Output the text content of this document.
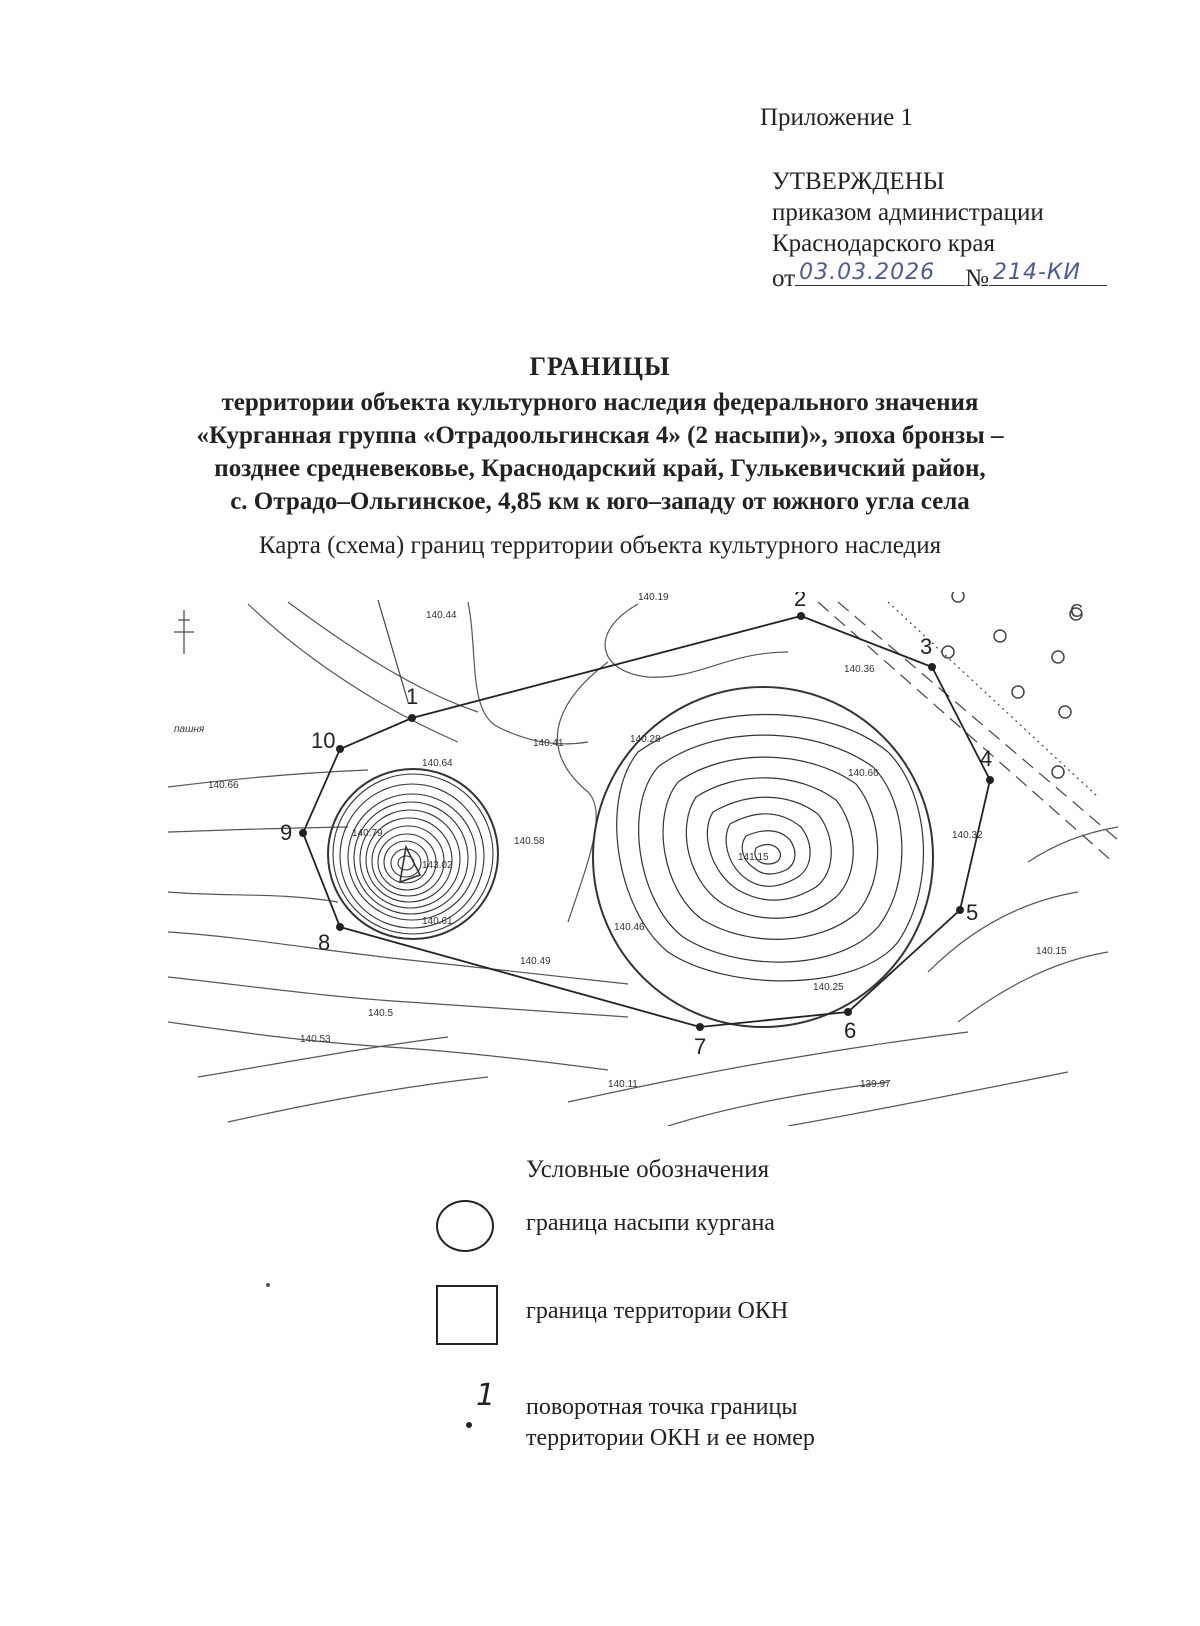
Приложение 1
УТВЕРЖДЕНЫ
приказом администрации
Краснодарского края
от 03.03.2026 № 214-КИ
ГРАНИЦЫ
территории объекта культурного наследия федерального значения
«Курганная группа «Отрадоольгинская 4» (2 насыпи)», эпоха бронзы –
позднее средневековье, Краснодарский край, Гулькевичский район,
с. Отрадо–Ольгинское, 4,85 км к юго–западу от южного угла села
Карта (схема) границ территории объекта культурного наследия
1
2
3
4
5
6
7
8
9
10
140.44
140.19
140.36
140.66
140.41	140.28
140.64
140.79
140.58
143.02
141.15
140.66
140.32
140.61
140.46
140.49
140.5
140.53
140.25
140.15
140.11	139.97
пашня
С
Условные обозначения
граница насыпи кургана
граница территории ОКН
1 поворотная точка границы
территории ОКН и ее номер
